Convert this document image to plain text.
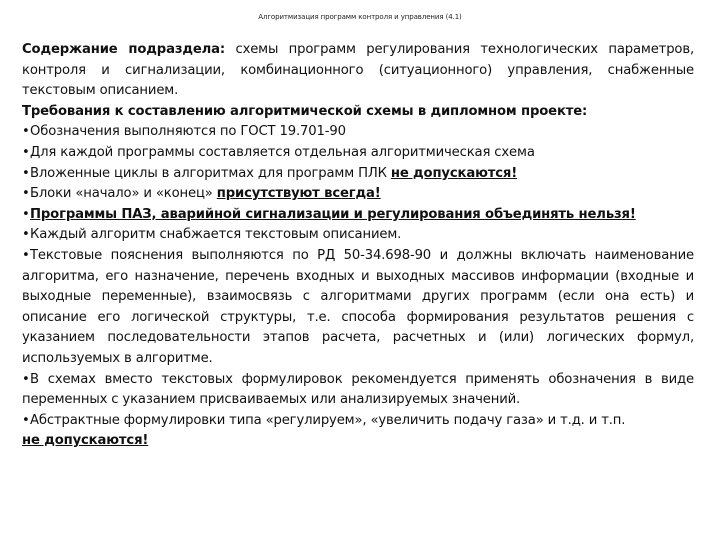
Алгоритмизация программ контроля и управления (4.1)

Содержание подраздела: схемы программ регулирования технологических параметров, контроля и сигнализации, комбинационного (ситуационного) управления, снабженные текстовым описанием.

Требования к составлению алгоритмической схемы в дипломном проекте:

•Обозначения выполняются по ГОСТ 19.701-90

•Для каждой программы составляется отдельная алгоритмическая схема

•Вложенные циклы в алгоритмах для программ ПЛК не допускаются!

•Блоки «начало» и «конец» присутствуют всегда!

•Программы ПАЗ, аварийной сигнализации и регулирования объединять нельзя!

•Каждый алгоритм снабжается текстовым описанием.

•Текстовые пояснения выполняются по РД 50-34.698-90 и должны включать наименование алгоритма, его назначение, перечень входных и выходных массивов информации (входные и выходные переменные), взаимосвязь с алгоритмами других программ (если она есть) и описание его логической структуры, т.е. способа формирования результатов решения с указанием последовательности этапов расчета, расчетных и (или) логических формул, используемых в алгоритме.

•В схемах вместо текстовых формулировок рекомендуется применять обозначения в виде переменных с указанием присваиваемых или анализируемых значений.

•Абстрактные формулировки типа «регулируем», «увеличить подачу газа» и т.д. и т.п.

не допускаются!
